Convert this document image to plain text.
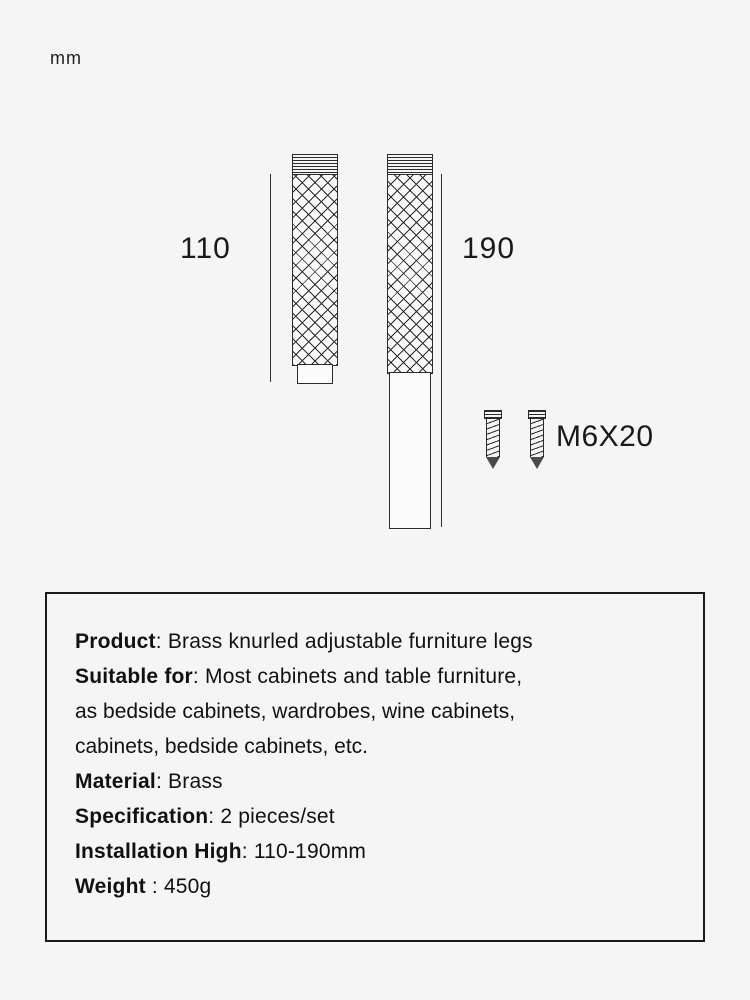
mm
110	190
M6X20
Product: Brass knurled adjustable furniture legs
Suitable for: Most cabinets and table furniture,
as bedside cabinets, wardrobes, wine cabinets,
cabinets, bedside cabinets, etc.
Material: Brass
Specification: 2 pieces/set
Installation High: 110-190mm
Weight : 450g
